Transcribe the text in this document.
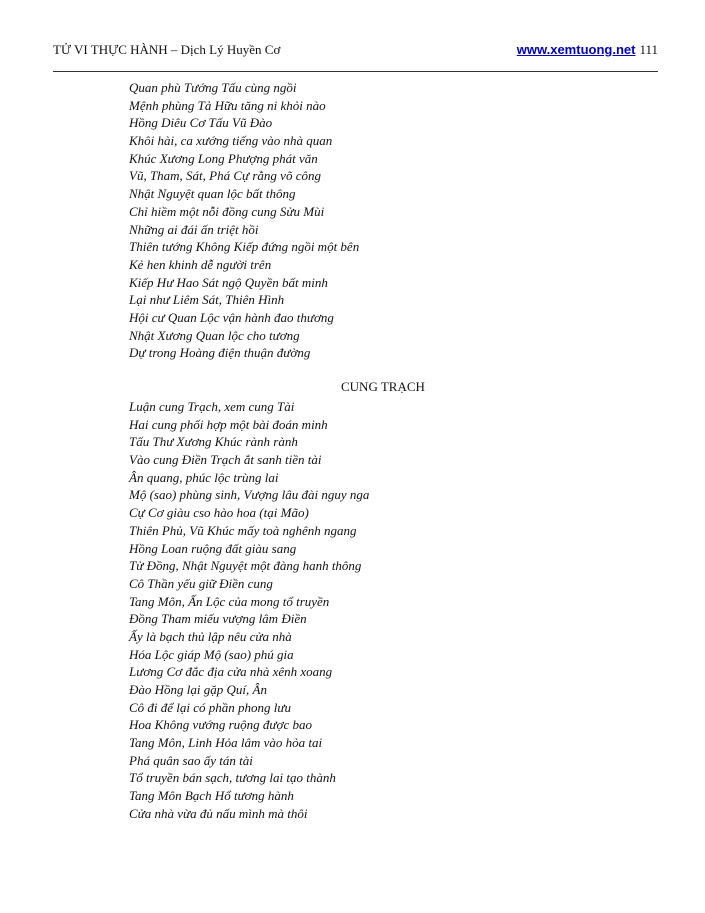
TỬ VI THỰC HÀNH – Dịch Lý Huyền Cơ	www.xemtuong.net 111
Quan phù Tướng Tấu cùng ngồi
Mệnh phùng Tả Hữu tăng ni khỏi nào
Hồng Diêu Cơ Tấu Vũ Đào
Khôi hài, ca xướng tiếng vào nhà quan
Khúc Xương Long Phượng phát văn
Vũ, Tham, Sát, Phá Cự rằng võ công
Nhật Nguyệt quan lộc bất thông
Chỉ hiềm một nỗi đồng cung Sửu Mùi
Những ai đái ấn triệt hồi
Thiên tướng Không Kiếp đứng ngồi một bên
Kẻ hen khinh dễ người trên
Kiếp Hư Hao Sát ngộ Quyền bất minh
Lại như Liêm Sát, Thiên Hình
Hội cư Quan Lộc vận hành đao thương
Nhật Xương Quan lộc cho tương
Dự trong Hoàng điện thuận đường
CUNG TRẠCH
Luận cung Trạch, xem cung Tài
Hai cung phối hợp một bài đoán minh
Tấu Thư Xương Khúc rành rành
Vào cung Điền Trạch ắt sanh tiền tài
Ân quang, phúc lộc trùng lai
Mộ (sao) phùng sinh, Vượng lâu đài nguy nga
Cự Cơ giàu cso hào hoa (tại Mão)
Thiên Phủ, Vũ Khúc mấy toà nghênh ngang
Hồng Loan ruộng đất giàu sang
Tử Đồng, Nhật Nguyệt một đàng hanh thông
Cô Thần yếu giữ Điền cung
Tang Môn, Ấn Lộc của mong tổ truyền
Đồng Tham miếu vượng lâm Điền
Ấy là bạch thủ lập nêu cửa nhà
Hóa Lộc giáp Mộ (sao) phú gia
Lương Cơ đắc địa cửa nhà xênh xoang
Đào Hồng lại gặp Quí, Ân
Cô đi để lại có phần phong lưu
Hoa Không vướng ruộng được bao
Tang Môn, Linh Hỏa lâm vào hỏa tai
Phá quân sao ấy tán tài
Tổ truyền bán sạch, tương lai tạo thành
Tang Môn Bạch Hổ tương hành
Cửa nhà vừa đủ nấu mình mà thôi
